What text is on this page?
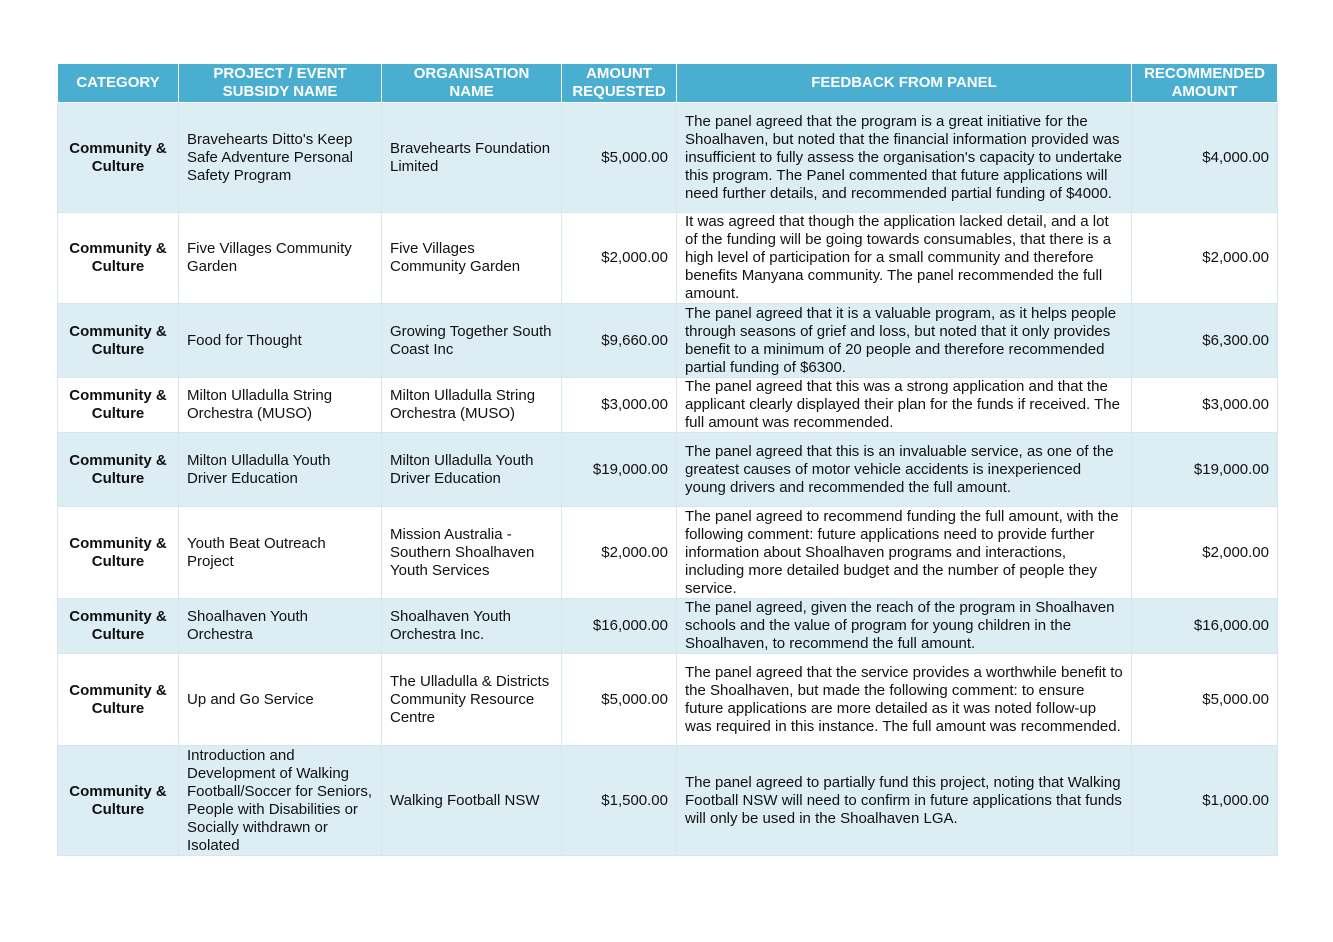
CATEGORY	PROJECT / EVENT SUBSIDY NAME	ORGANISATION NAME	AMOUNT REQUESTED	FEEDBACK FROM PANEL	RECOMMENDED AMOUNT
Community & Culture	Bravehearts Ditto's Keep Safe Adventure Personal Safety Program	Bravehearts Foundation Limited	$5,000.00	The panel agreed that the program is a great initiative for the Shoalhaven, but noted that the financial information provided was insufficient to fully assess the organisation's capacity to undertake this program. The Panel commented that future applications will need further details, and recommended partial funding of $4000.	$4,000.00
Community & Culture	Five Villages Community Garden	Five Villages Community Garden	$2,000.00	It was agreed that though the application lacked detail, and a lot of the funding will be going towards consumables, that there is a high level of participation for a small community and therefore benefits Manyana community. The panel recommended the full amount.	$2,000.00
Community & Culture	Food for Thought	Growing Together South Coast Inc	$9,660.00	The panel agreed that it is a valuable program, as it helps people through seasons of grief and loss, but noted that it only provides benefit to a minimum of 20 people and therefore recommended partial funding of $6300.	$6,300.00
Community & Culture	Milton Ulladulla String Orchestra (MUSO)	Milton Ulladulla String Orchestra (MUSO)	$3,000.00	The panel agreed that this was a strong application and that the applicant clearly displayed their plan for the funds if received. The full amount was recommended.	$3,000.00
Community & Culture	Milton Ulladulla Youth Driver Education	Milton Ulladulla Youth Driver Education	$19,000.00	The panel agreed that this is an invaluable service, as one of the greatest causes of motor vehicle accidents is inexperienced young drivers and recommended the full amount.	$19,000.00
Community & Culture	Youth Beat Outreach Project	Mission Australia - Southern Shoalhaven Youth Services	$2,000.00	The panel agreed to recommend funding the full amount, with the following comment: future applications need to provide further information about Shoalhaven programs and interactions, including more detailed budget and the number of people they service.	$2,000.00
Community & Culture	Shoalhaven Youth Orchestra	Shoalhaven Youth Orchestra Inc.	$16,000.00	The panel agreed, given the reach of the program in Shoalhaven schools and the value of program for young children in the Shoalhaven, to recommend the full amount.	$16,000.00
Community & Culture	Up and Go Service	The Ulladulla & Districts Community Resource Centre	$5,000.00	The panel agreed that the service provides a worthwhile benefit to the Shoalhaven, but made the following comment: to ensure future applications are more detailed as it was noted follow-up was required in this instance. The full amount was recommended.	$5,000.00
Community & Culture	Introduction and Development of Walking Football/Soccer for Seniors, People with Disabilities or Socially withdrawn or Isolated	Walking Football NSW	$1,500.00	The panel agreed to partially fund this project, noting that Walking Football NSW will need to confirm in future applications that funds will only be used in the Shoalhaven LGA.	$1,000.00
